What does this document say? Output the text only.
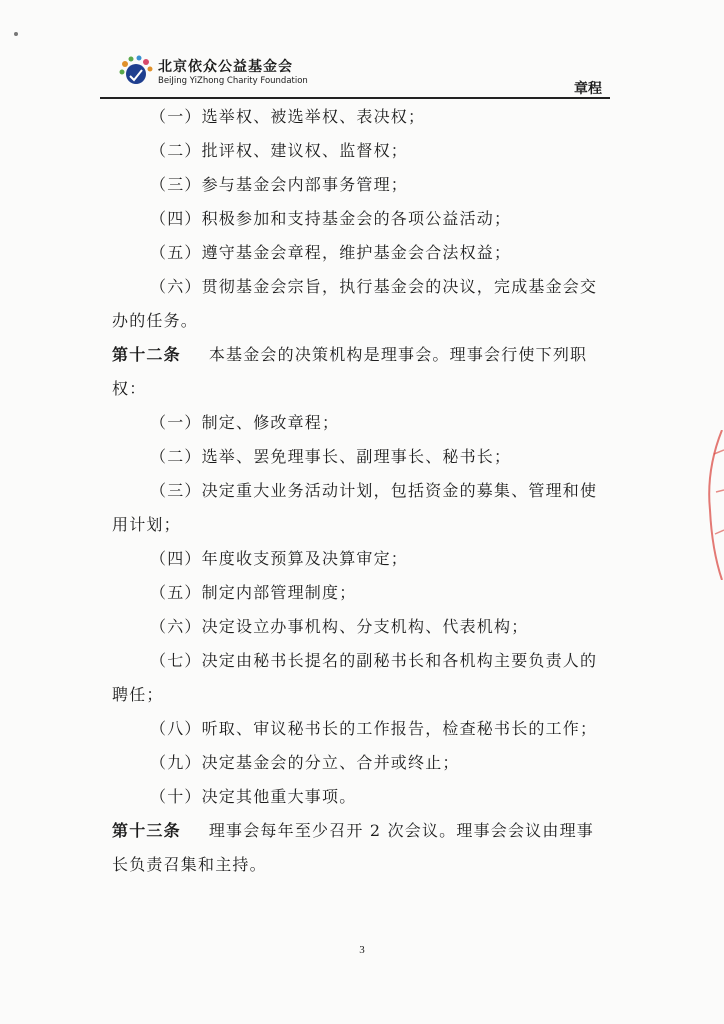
北京依众公益基金会
BeiJing YiZhong Charity Foundation	章程
（一）选举权、被选举权、表决权；
（二）批评权、建议权、监督权；
（三）参与基金会内部事务管理；
（四）积极参加和支持基金会的各项公益活动；
（五）遵守基金会章程，维护基金会合法权益；
（六）贯彻基金会宗旨，执行基金会的决议，完成基金会交
办的任务。
第十二条 本基金会的决策机构是理事会。理事会行使下列职
权：
（一）制定、修改章程；
（二）选举、罢免理事长、副理事长、秘书长；
（三）决定重大业务活动计划，包括资金的募集、管理和使
用计划；
（四）年度收支预算及决算审定；
（五）制定内部管理制度；
（六）决定设立办事机构、分支机构、代表机构；
（七）决定由秘书长提名的副秘书长和各机构主要负责人的
聘任；
（八）听取、审议秘书长的工作报告，检查秘书长的工作；
（九）决定基金会的分立、合并或终止；
（十）决定其他重大事项。
第十三条 理事会每年至少召开 2 次会议。理事会会议由理事
长负责召集和主持。
3
